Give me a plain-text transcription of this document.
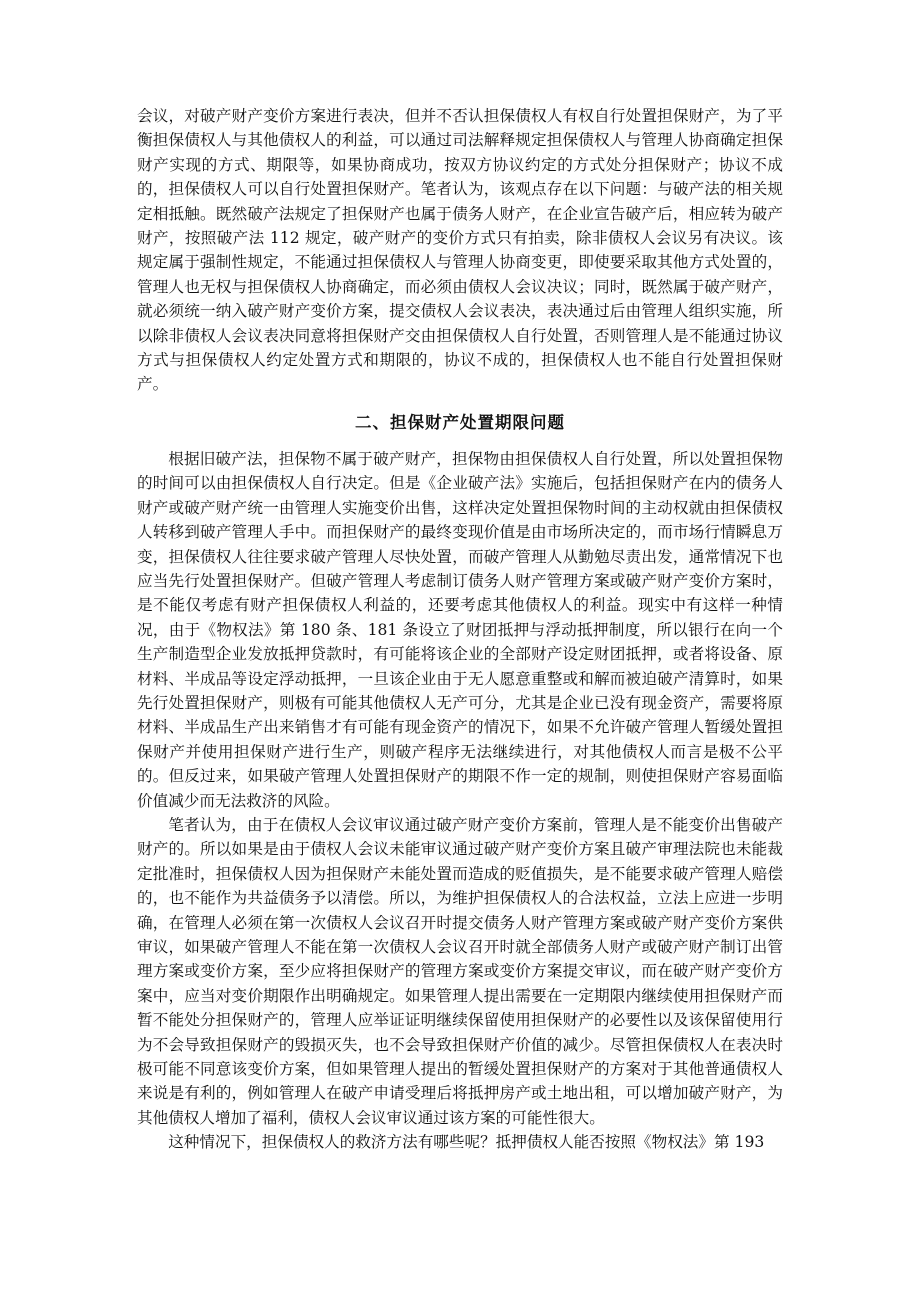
会议，对破产财产变价方案进行表决，但并不否认担保债权人有权自行处置担保财产，为了平衡担保债权人与其他债权人的利益，可以通过司法解释规定担保债权人与管理人协商确定担保财产实现的方式、期限等，如果协商成功，按双方协议约定的方式处分担保财产；协议不成的，担保债权人可以自行处置担保财产。笔者认为，该观点存在以下问题：与破产法的相关规定相抵触。既然破产法规定了担保财产也属于债务人财产，在企业宣告破产后，相应转为破产财产，按照破产法 112 规定，破产财产的变价方式只有拍卖，除非债权人会议另有决议。该规定属于强制性规定，不能通过担保债权人与管理人协商变更，即使要采取其他方式处置的，管理人也无权与担保债权人协商确定，而必须由债权人会议决议；同时，既然属于破产财产，就必须统一纳入破产财产变价方案，提交债权人会议表决，表决通过后由管理人组织实施，所以除非债权人会议表决同意将担保财产交由担保债权人自行处置，否则管理人是不能通过协议方式与担保债权人约定处置方式和期限的，协议不成的，担保债权人也不能自行处置担保财产。

二、担保财产处置期限问题

根据旧破产法，担保物不属于破产财产，担保物由担保债权人自行处置，所以处置担保物的时间可以由担保债权人自行决定。但是《企业破产法》实施后，包括担保财产在内的债务人财产或破产财产统一由管理人实施变价出售，这样决定处置担保物时间的主动权就由担保债权人转移到破产管理人手中。而担保财产的最终变现价值是由市场所决定的，而市场行情瞬息万变，担保债权人往往要求破产管理人尽快处置，而破产管理人从勤勉尽责出发，通常情况下也应当先行处置担保财产。但破产管理人考虑制订债务人财产管理方案或破产财产变价方案时，是不能仅考虑有财产担保债权人利益的，还要考虑其他债权人的利益。现实中有这样一种情况，由于《物权法》第 180 条、181 条设立了财团抵押与浮动抵押制度，所以银行在向一个生产制造型企业发放抵押贷款时，有可能将该企业的全部财产设定财团抵押，或者将设备、原材料、半成品等设定浮动抵押，一旦该企业由于无人愿意重整或和解而被迫破产清算时，如果先行处置担保财产，则极有可能其他债权人无产可分，尤其是企业已没有现金资产，需要将原材料、半成品生产出来销售才有可能有现金资产的情况下，如果不允许破产管理人暂缓处置担保财产并使用担保财产进行生产，则破产程序无法继续进行，对其他债权人而言是极不公平的。但反过来，如果破产管理人处置担保财产的期限不作一定的规制，则使担保财产容易面临价值减少而无法救济的风险。

笔者认为，由于在债权人会议审议通过破产财产变价方案前，管理人是不能变价出售破产财产的。所以如果是由于债权人会议未能审议通过破产财产变价方案且破产审理法院也未能裁定批准时，担保债权人因为担保财产未能处置而造成的贬值损失，是不能要求破产管理人赔偿的，也不能作为共益债务予以清偿。所以，为维护担保债权人的合法权益，立法上应进一步明确，在管理人必须在第一次债权人会议召开时提交债务人财产管理方案或破产财产变价方案供审议，如果破产管理人不能在第一次债权人会议召开时就全部债务人财产或破产财产制订出管理方案或变价方案，至少应将担保财产的管理方案或变价方案提交审议，而在破产财产变价方案中，应当对变价期限作出明确规定。如果管理人提出需要在一定期限内继续使用担保财产而暂不能处分担保财产的，管理人应举证证明继续保留使用担保财产的必要性以及该保留使用行为不会导致担保财产的毁损灭失，也不会导致担保财产价值的减少。尽管担保债权人在表决时极可能不同意该变价方案，但如果管理人提出的暂缓处置担保财产的方案对于其他普通债权人来说是有利的，例如管理人在破产申请受理后将抵押房产或土地出租，可以增加破产财产，为其他债权人增加了福利，债权人会议审议通过该方案的可能性很大。

这种情况下，担保债权人的救济方法有哪些呢？抵押债权人能否按照《物权法》第 193
